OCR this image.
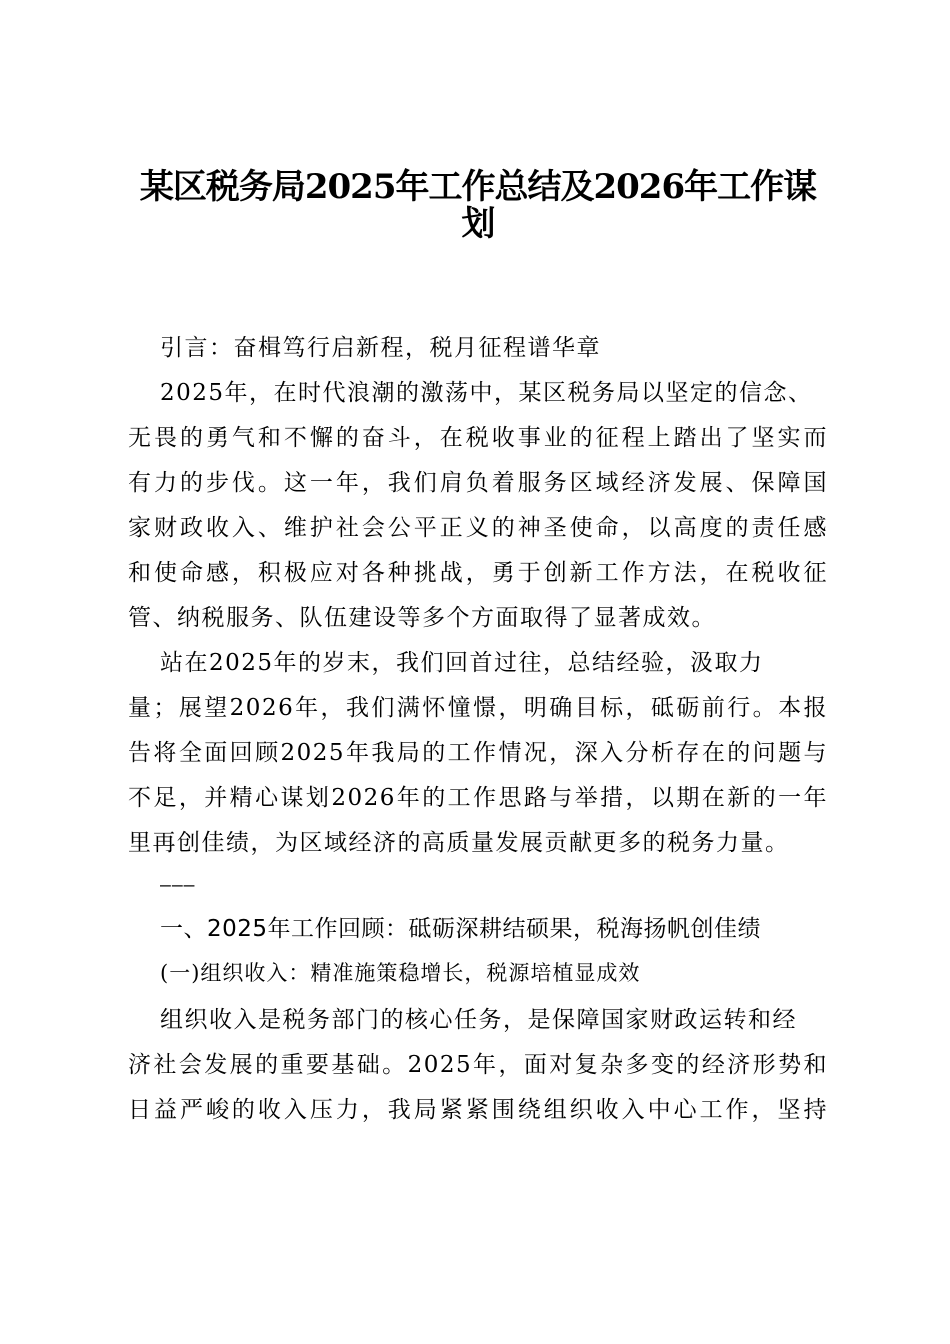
某区税务局2025年工作总结及2026年工作谋
划
引言：奋楫笃行启新程，税月征程谱华章
2025年，在时代浪潮的激荡中，某区税务局以坚定的信念、
无畏的勇气和不懈的奋斗，在税收事业的征程上踏出了坚实而
有力的步伐。这一年，我们肩负着服务区域经济发展、保障国
家财政收入、维护社会公平正义的神圣使命，以高度的责任感
和使命感，积极应对各种挑战，勇于创新工作方法，在税收征
管、纳税服务、队伍建设等多个方面取得了显著成效。
站在2025年的岁末，我们回首过往，总结经验，汲取力
量；展望2026年，我们满怀憧憬，明确目标，砥砺前行。本报
告将全面回顾2025年我局的工作情况，深入分析存在的问题与
不足，并精心谋划2026年的工作思路与举措，以期在新的一年
里再创佳绩，为区域经济的高质量发展贡献更多的税务力量。
———
一、2025年工作回顾：砥砺深耕结硕果，税海扬帆创佳绩
(一)组织收入：精准施策稳增长，税源培植显成效
组织收入是税务部门的核心任务，是保障国家财政运转和经
济社会发展的重要基础。2025年，面对复杂多变的经济形势和
日益严峻的收入压力，我局紧紧围绕组织收入中心工作，坚持
